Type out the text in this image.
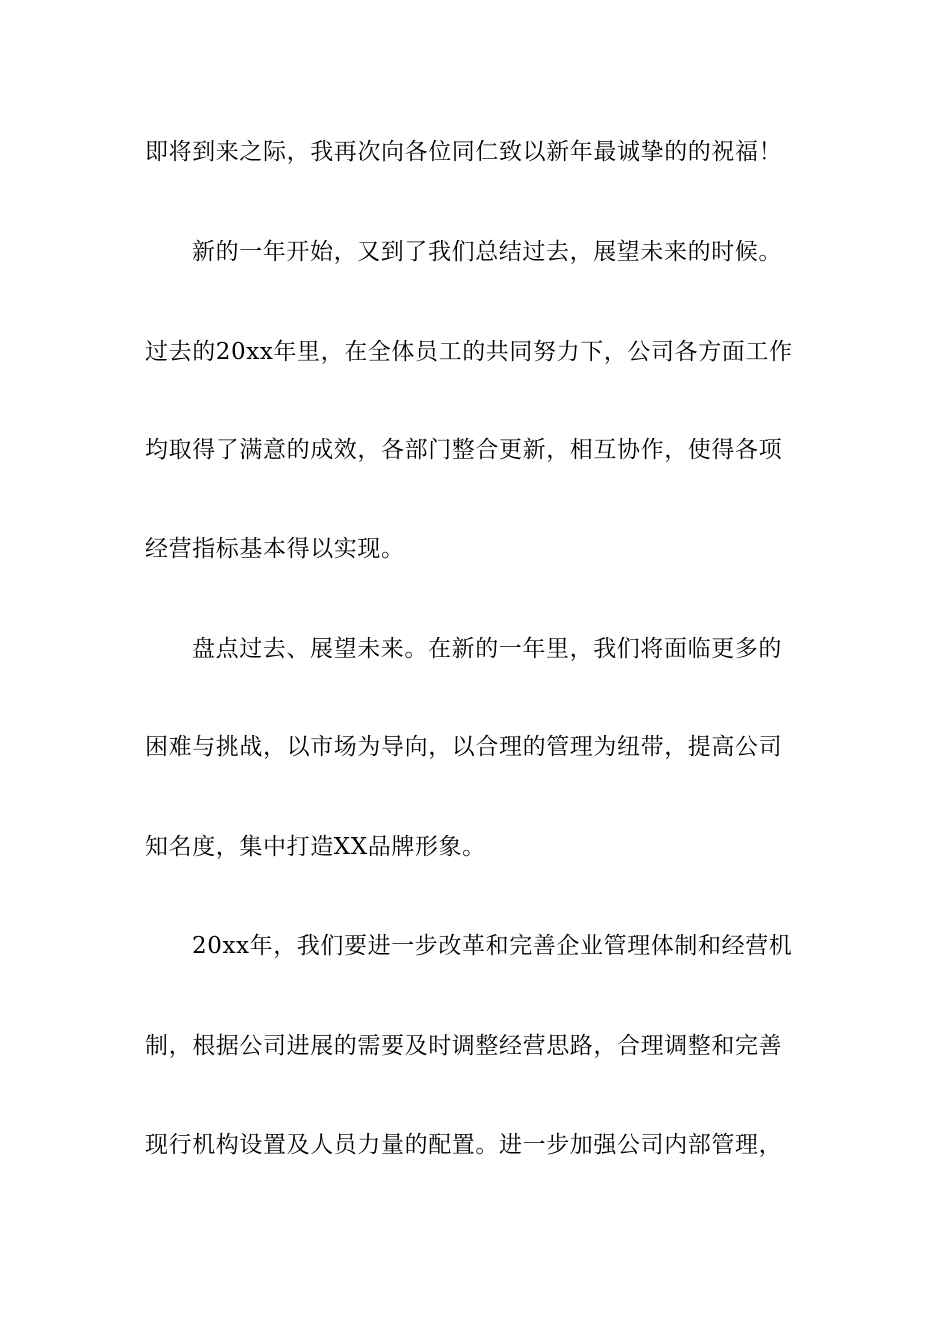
即将到来之际，我再次向各位同仁致以新年最诚挚的的祝福！
新的一年开始，又到了我们总结过去，展望未来的时候。
过去的20xx年里，在全体员工的共同努力下，公司各方面工作
均取得了满意的成效，各部门整合更新，相互协作，使得各项
经营指标基本得以实现。
盘点过去、展望未来。在新的一年里，我们将面临更多的
困难与挑战，以市场为导向，以合理的管理为纽带，提高公司
知名度，集中打造XX品牌形象。
20xx年，我们要进一步改革和完善企业管理体制和经营机
制，根据公司进展的需要及时调整经营思路，合理调整和完善
现行机构设置及人员力量的配置。进一步加强公司内部管理，
